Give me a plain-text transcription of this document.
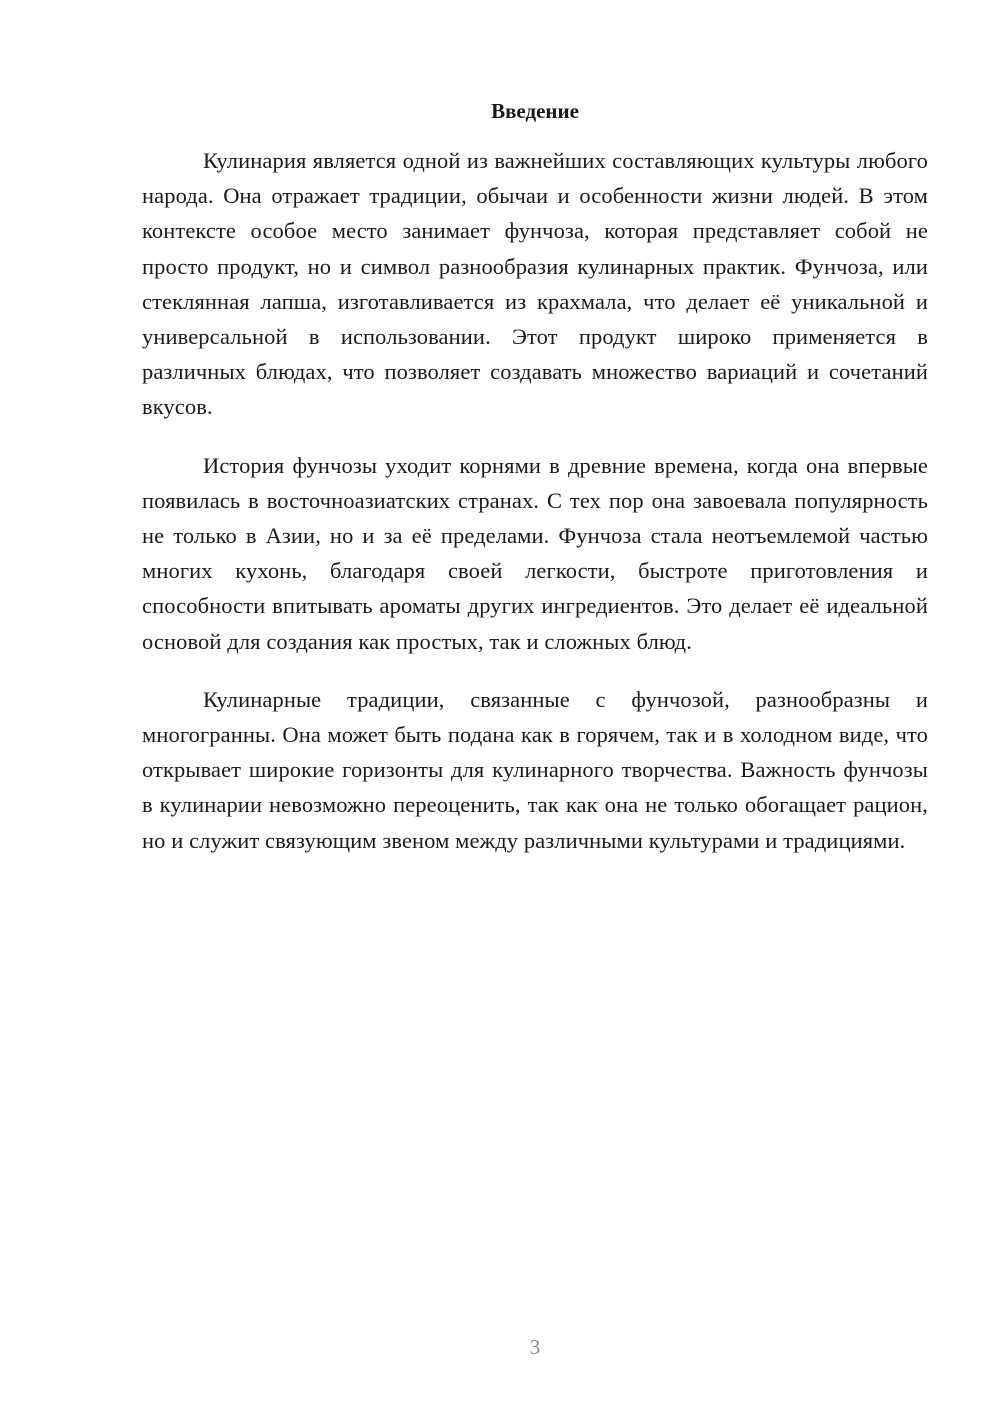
Введение

Кулинария является одной из важнейших составляющих культуры любого народа. Она отражает традиции, обычаи и особенности жизни людей. В этом контексте особое место занимает фунчоза, которая представляет собой не просто продукт, но и символ разнообразия кулинарных практик. Фунчоза, или стеклянная лапша, изготавливается из крахмала, что делает её уникальной и универсальной в использовании. Этот продукт широко применяется в различных блюдах, что позволяет создавать множество вариаций и сочетаний вкусов.

История фунчозы уходит корнями в древние времена, когда она впервые появилась в восточноазиатских странах. С тех пор она завоевала популярность не только в Азии, но и за её пределами. Фунчоза стала неотъемлемой частью многих кухонь, благодаря своей легкости, быстроте приготовления и способности впитывать ароматы других ингредиентов. Это делает её идеальной основой для создания как простых, так и сложных блюд.

Кулинарные традиции, связанные с фунчозой, разнообразны и многогранны. Она может быть подана как в горячем, так и в холодном виде, что открывает широкие горизонты для кулинарного творчества. Важность фунчозы в кулинарии невозможно переоценить, так как она не только обогащает рацион, но и служит связующим звеном между различными культурами и традициями.

3
